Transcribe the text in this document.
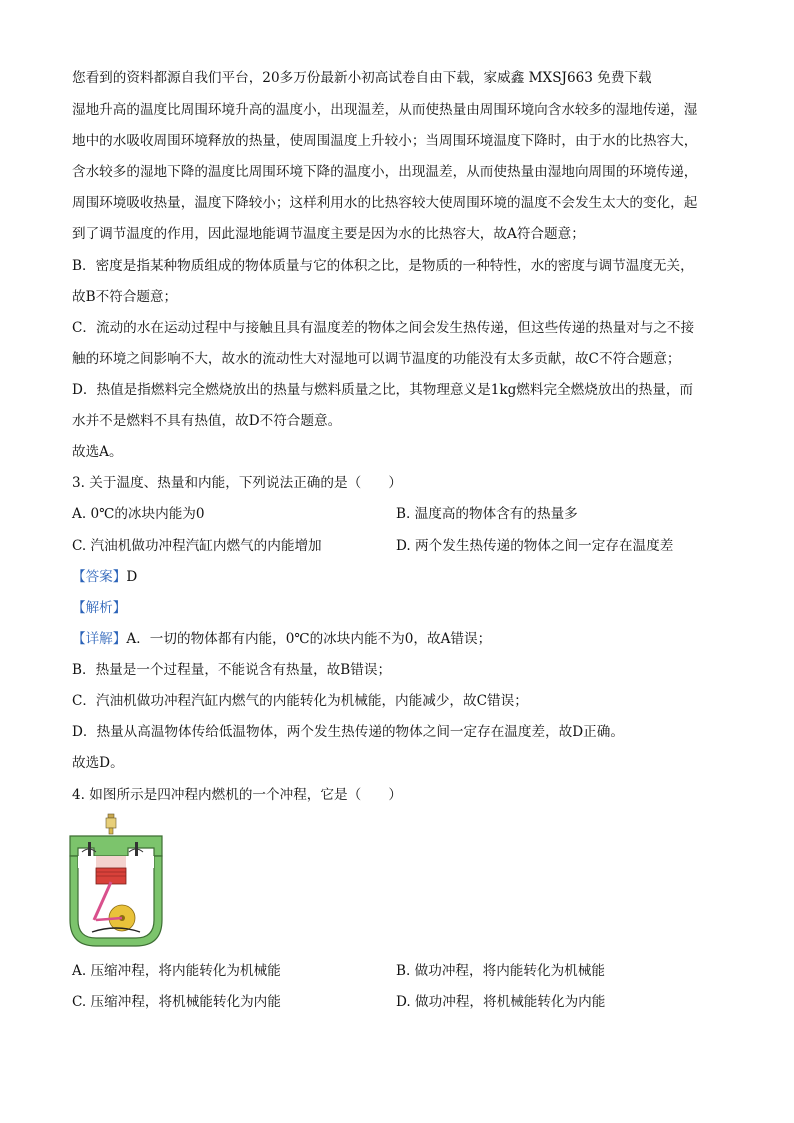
您看到的资料都源自我们平台，20多万份最新小初高试卷自由下载，家威鑫 MXSJ663 免费下载
湿地升高的温度比周围环境升高的温度小，出现温差，从而使热量由周围环境向含水较多的湿地传递，湿
地中的水吸收周围环境释放的热量，使周围温度上升较小；当周围环境温度下降时，由于水的比热容大，
含水较多的湿地下降的温度比周围环境下降的温度小，出现温差，从而使热量由湿地向周围的环境传递，
周围环境吸收热量，温度下降较小；这样利用水的比热容较大使周围环境的温度不会发生太大的变化，起
到了调节温度的作用，因此湿地能调节温度主要是因为水的比热容大，故A符合题意；
B．密度是指某种物质组成的物体质量与它的体积之比，是物质的一种特性，水的密度与调节温度无关，
故B不符合题意；
C．流动的水在运动过程中与接触且具有温度差的物体之间会发生热传递，但这些传递的热量对与之不接
触的环境之间影响不大，故水的流动性大对湿地可以调节温度的功能没有太多贡献，故C不符合题意；
D．热值是指燃料完全燃烧放出的热量与燃料质量之比，其物理意义是1kg燃料完全燃烧放出的热量，而
水并不是燃料不具有热值，故D不符合题意。
故选A。
3. 关于温度、热量和内能，下列说法正确的是（　　）
A. 0℃的冰块内能为0	B. 温度高的物体含有的热量多
C. 汽油机做功冲程汽缸内燃气的内能增加	D. 两个发生热传递的物体之间一定存在温度差
【答案】D
【解析】
【详解】A．一切的物体都有内能，0℃的冰块内能不为0，故A错误；
B．热量是一个过程量，不能说含有热量，故B错误；
C．汽油机做功冲程汽缸内燃气的内能转化为机械能，内能减少，故C错误；
D．热量从高温物体传给低温物体，两个发生热传递的物体之间一定存在温度差，故D正确。
故选D。
4. 如图所示是四冲程内燃机的一个冲程，它是（　　）
A. 压缩冲程，将内能转化为机械能	B. 做功冲程，将内能转化为机械能
C. 压缩冲程，将机械能转化为内能	D. 做功冲程，将机械能转化为内能
